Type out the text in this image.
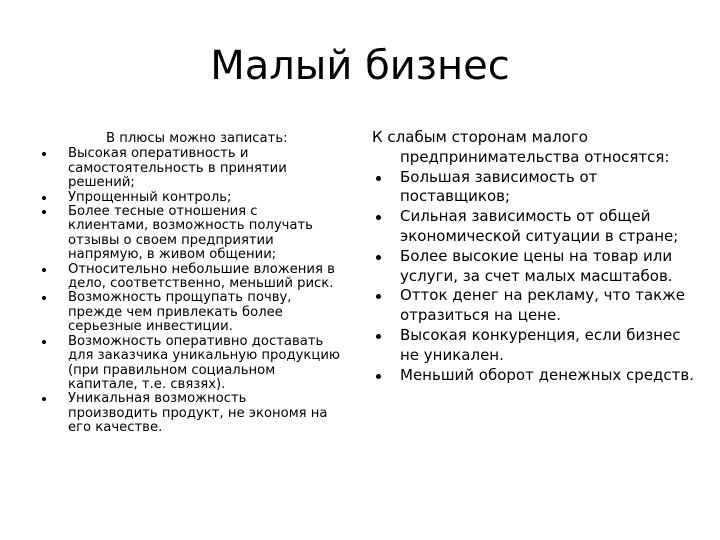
Малый бизнес
В плюсы можно записать:
Высокая оперативность и самостоятельность в принятии решений;
Упрощенный контроль;
Более тесные отношения с клиентами, возможность получать отзывы о своем предприятии напрямую, в живом общении;
Относительно небольшие вложения в дело, соответственно, меньший риск.
Возможность прощупать почву, прежде чем привлекать более серьезные инвестиции.
Возможность оперативно доставать для заказчика уникальную продукцию (при правильном социальном капитале, т.е. связях).
Уникальная возможность производить продукт, не экономя на его качестве.
К слабым сторонам малого предпринимательства относятся:
Большая зависимость от поставщиков;
Сильная зависимость от общей экономической ситуации в стране;
Более высокие цены на товар или услуги, за счет малых масштабов.
Отток денег на рекламу, что также отразиться на цене.
Высокая конкуренция, если бизнес не уникален.
Меньший оборот денежных средств.
